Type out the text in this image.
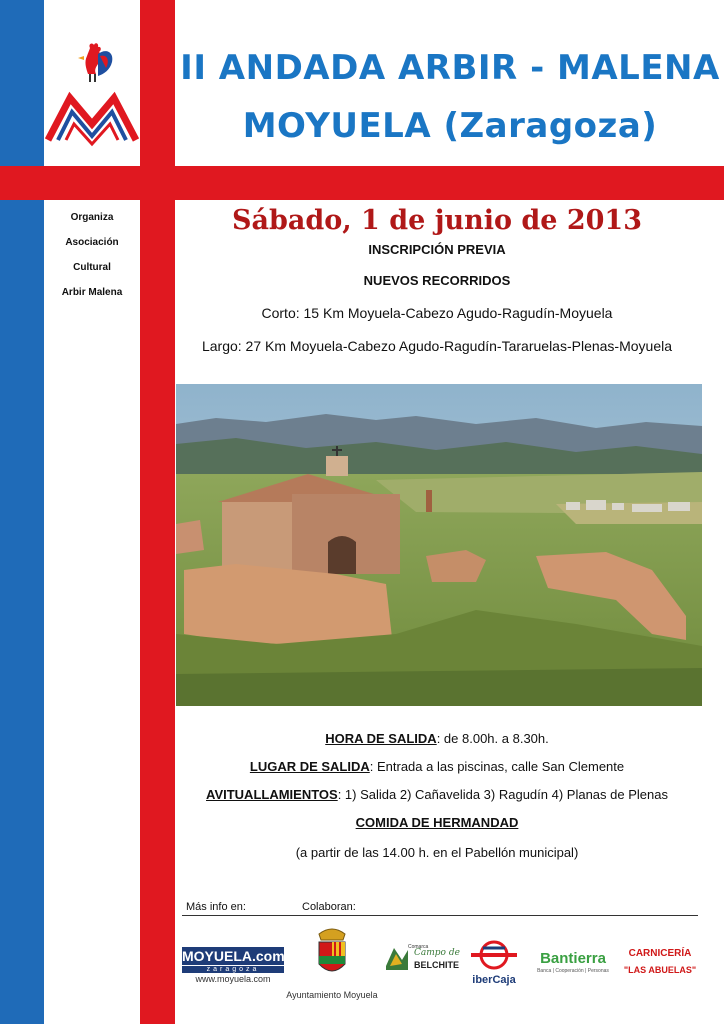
II ANDADA ARBIR - MALENA
MOYUELA (Zaragoza)
Organiza
Asociación
Cultural
Arbir Malena
Sábado, 1 de junio de 2013
INSCRIPCIÓN PREVIA
NUEVOS RECORRIDOS
Corto: 15 Km Moyuela-Cabezo Agudo-Ragudín-Moyuela
Largo: 27 Km Moyuela-Cabezo Agudo-Ragudín-Tararuelas-Plenas-Moyuela
HORA DE SALIDA: de 8.00h. a 8.30h.
LUGAR DE SALIDA: Entrada a las piscinas, calle San Clemente
AVITUALLAMIENTOS: 1) Salida 2) Cañavelida 3) Ragudín 4) Planas de Plenas
COMIDA DE HERMANDAD
(a partir de las 14.00 h. en el Pabellón municipal)
Más info en:	Colaboran:
MOYUELA.com
zaragoza
www.moyuela.com
Ayuntamiento Moyuela
Comarca
Campo de
BELCHITE
iberCaja
Bantierra
Banca | Cooperación | Personas
CARNICERÍA
"LAS ABUELAS"
